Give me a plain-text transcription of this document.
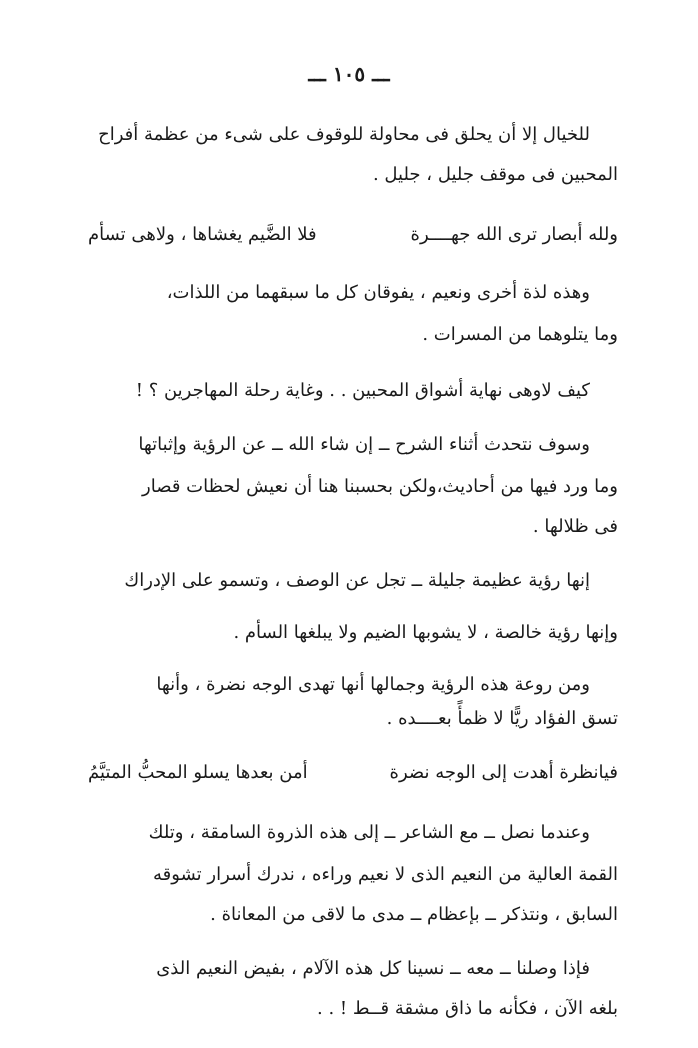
ـــ ١٠٥ ـــ
للخيال إلا أن يحلق فى محاولة للوقوف على شىء من عظمة أفراح
المحبين فى موقف جليل ، جليل .
ولله أبصار ترى الله جهــــرة
فلا الضَّيم يغشاها ، ولاهى تسأم
وهذه لذة أخرى ونعيم ، يفوقان كل ما سبقهما من اللذات،
وما يتلوهما من المسرات .
كيف لاوهى نهاية أشواق المحبين . . وغاية رحلة المهاجرين ؟ !
وسوف نتحدث أثناء الشرح ــ إن شاء الله ــ عن الرؤية وإثباتها
وما ورد فيها من أحاديث،ولكن بحسبنا هنا أن نعيش لحظات قصار
فى ظلالها .
إنها رؤية عظيمة جليلة ــ تجل عن الوصف ، وتسمو على الإدراك
وإنها رؤية خالصة ، لا يشوبها الضيم ولا يبلغها السأم .
ومن روعة هذه الرؤية وجمالها أنها تهدى الوجه نضرة ، وأنها
تسق الفؤاد ريًّا لا ظمأً بعــــده .
فيانظرة أهدت إلى الوجه نضرة
أمن بعدها يسلو المحبُّ المتيَّمُ
وعندما نصل ــ مع الشاعر ــ إلى هذه الذروة السامقة ، وتلك
القمة العالية من النعيم الذى لا نعيم وراءه ، ندرك أسرار تشوقه
السابق ، ونتذكر ــ بإعظام ــ مدى ما لاقى من المعاناة .
فإذا وصلنا ــ معه ــ نسينا كل هذه الآلام ، بفيض النعيم الذى
بلغه الآن ، فكأنه ما ذاق مشقة قــط ! . .
